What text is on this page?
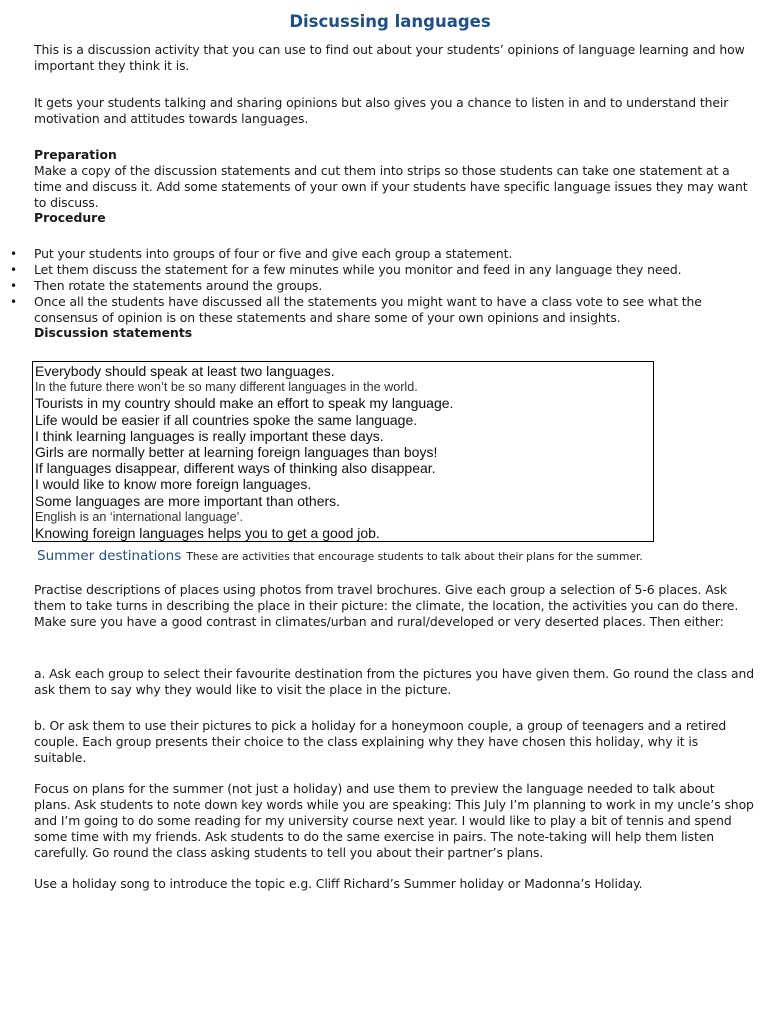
Discussing languages

This is a discussion activity that you can use to find out about your students’ opinions of language learning and how important they think it is.

It gets your students talking and sharing opinions but also gives you a chance to listen in and to understand their motivation and attitudes towards languages.

Preparation

Make a copy of the discussion statements and cut them into strips so those students can take one statement at a time and discuss it. Add some statements of your own if your students have specific language issues they may want to discuss.

Procedure

• Put your students into groups of four or five and give each group a statement.
• Let them discuss the statement for a few minutes while you monitor and feed in any language they need.
• Then rotate the statements around the groups.
• Once all the students have discussed all the statements you might want to have a class vote to see what the consensus of opinion is on these statements and share some of your own opinions and insights.

Discussion statements

Everybody should speak at least two languages.
In the future there won’t be so many different languages in the world.
Tourists in my country should make an effort to speak my language.
Life would be easier if all countries spoke the same language.
I think learning languages is really important these days.
Girls are normally better at learning foreign languages than boys!
If languages disappear, different ways of thinking also disappear.
I would like to know more foreign languages.
Some languages are more important than others.
English is an ‘international language’.
Knowing foreign languages helps you to get a good job.

Summer destinations These are activities that encourage students to talk about their plans for the summer.

Practise descriptions of places using photos from travel brochures. Give each group a selection of 5-6 places. Ask them to take turns in describing the place in their picture: the climate, the location, the activities you can do there. Make sure you have a good contrast in climates/urban and rural/developed or very deserted places. Then either:

a. Ask each group to select their favourite destination from the pictures you have given them. Go round the class and ask them to say why they would like to visit the place in the picture.

b. Or ask them to use their pictures to pick a holiday for a honeymoon couple, a group of teenagers and a retired couple. Each group presents their choice to the class explaining why they have chosen this holiday, why it is suitable.

Focus on plans for the summer (not just a holiday) and use them to preview the language needed to talk about plans. Ask students to note down key words while you are speaking: This July I’m planning to work in my uncle’s shop and I’m going to do some reading for my university course next year. I would like to play a bit of tennis and spend some time with my friends. Ask students to do the same exercise in pairs. The note-taking will help them listen carefully. Go round the class asking students to tell you about their partner’s plans.

Use a holiday song to introduce the topic e.g. Cliff Richard’s Summer holiday or Madonna’s Holiday.
